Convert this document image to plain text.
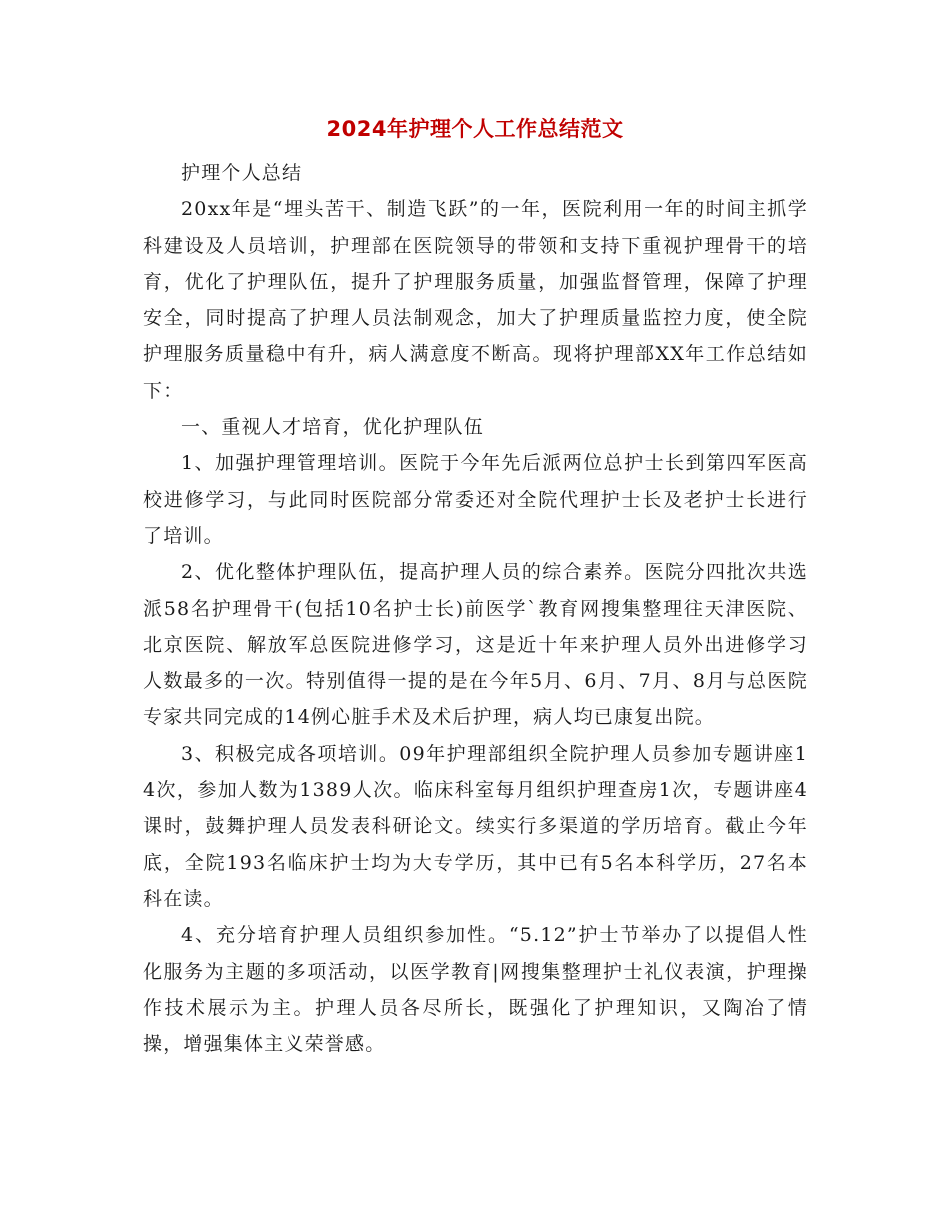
2024年护理个人工作总结范文

护理个人总结

20xx年是“埋头苦干、制造飞跃”的一年，医院利用一年的时间主抓学科建设及人员培训，护理部在医院领导的带领和支持下重视护理骨干的培育，优化了护理队伍，提升了护理服务质量，加强监督管理，保障了护理安全，同时提高了护理人员法制观念，加大了护理质量监控力度，使全院护理服务质量稳中有升，病人满意度不断高。现将护理部XX年工作总结如下：

一、重视人才培育，优化护理队伍

1、加强护理管理培训。医院于今年先后派两位总护士长到第四军医高校进修学习，与此同时医院部分常委还对全院代理护士长及老护士长进行了培训。

2、优化整体护理队伍，提高护理人员的综合素养。医院分四批次共选派58名护理骨干(包括10名护士长)前医学`教育网搜集整理往天津医院、北京医院、解放军总医院进修学习，这是近十年来护理人员外出进修学习人数最多的一次。特别值得一提的是在今年5月、6月、7月、8月与总医院专家共同完成的14例心脏手术及术后护理，病人均已康复出院。

3、积极完成各项培训。09年护理部组织全院护理人员参加专题讲座14次，参加人数为1389人次。临床科室每月组织护理查房1次，专题讲座4课时，鼓舞护理人员发表科研论文。续实行多渠道的学历培育。截止今年底，全院193名临床护士均为大专学历，其中已有5名本科学历，27名本科在读。

4、充分培育护理人员组织参加性。“5.12”护士节举办了以提倡人性化服务为主题的多项活动，以医学教育|网搜集整理护士礼仪表演，护理操作技术展示为主。护理人员各尽所长，既强化了护理知识，又陶冶了情操，增强集体主义荣誉感。
